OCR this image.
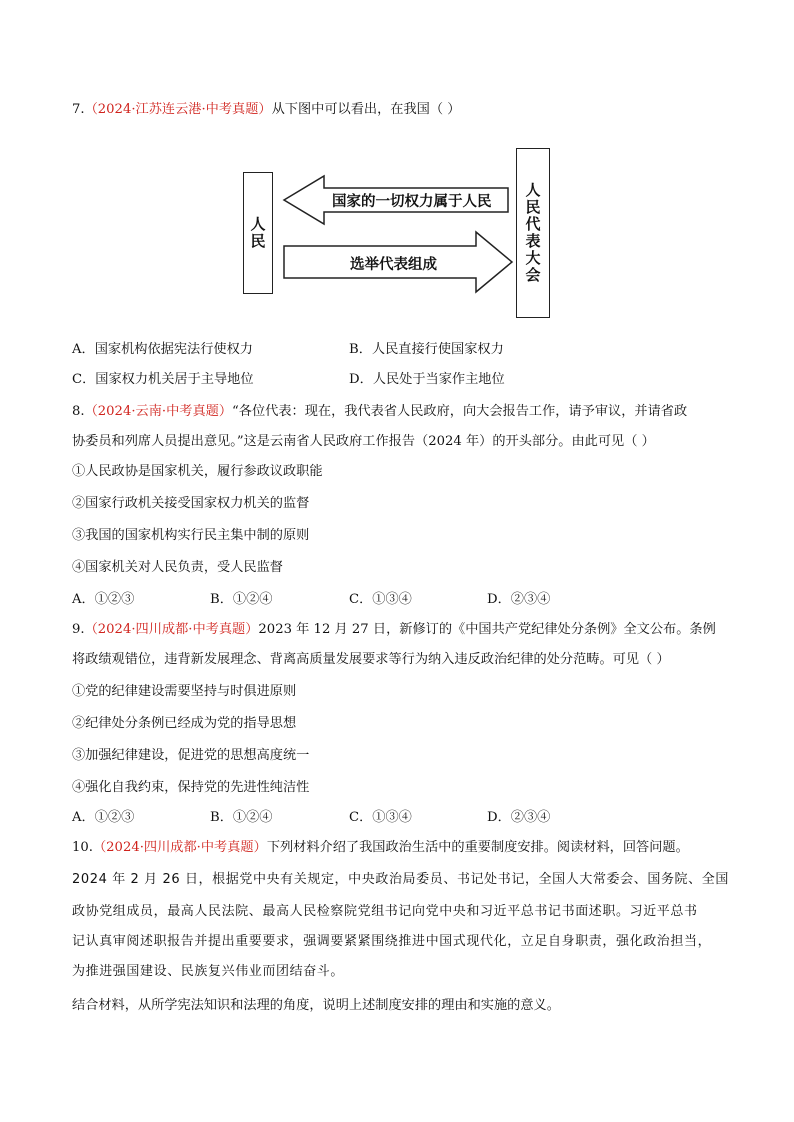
7.（2024·江苏连云港·中考真题）从下图中可以看出，在我国（ ）
人民	人民代表大会
国家的一切权力属于人民
选举代表组成
A．国家机构依据宪法行使权力	B．人民直接行使国家权力
C．国家权力机关居于主导地位	D．人民处于当家作主地位
8.（2024·云南·中考真题）“各位代表：现在，我代表省人民政府，向大会报告工作，请予审议，并请省政
协委员和列席人员提出意见。”这是云南省人民政府工作报告（2024 年）的开头部分。由此可见（ ）
①人民政协是国家机关，履行参政议政职能
②国家行政机关接受国家权力机关的监督
③我国的国家机构实行民主集中制的原则
④国家机关对人民负责，受人民监督
A．①②③	B．①②④	C．①③④	D．②③④
9.（2024·四川成都·中考真题）2023 年 12 月 27 日，新修订的《中国共产党纪律处分条例》全文公布。条例
将政绩观错位，违背新发展理念、背离高质量发展要求等行为纳入违反政治纪律的处分范畴。可见（ ）
①党的纪律建设需要坚持与时俱进原则
②纪律处分条例已经成为党的指导思想
③加强纪律建设，促进党的思想高度统一
④强化自我约束，保持党的先进性纯洁性
A．①②③	B．①②④	C．①③④	D．②③④
10.（2024·四川成都·中考真题）下列材料介绍了我国政治生活中的重要制度安排。阅读材料，回答问题。
2024 年 2 月 26 日，根据党中央有关规定，中央政治局委员、书记处书记，全国人大常委会、国务院、全国
政协党组成员，最高人民法院、最高人民检察院党组书记向党中央和习近平总书记书面述职。习近平总书
记认真审阅述职报告并提出重要要求，强调要紧紧围绕推进中国式现代化，立足自身职责，强化政治担当，
为推进强国建设、民族复兴伟业而团结奋斗。
结合材料，从所学宪法知识和法理的角度，说明上述制度安排的理由和实施的意义。
